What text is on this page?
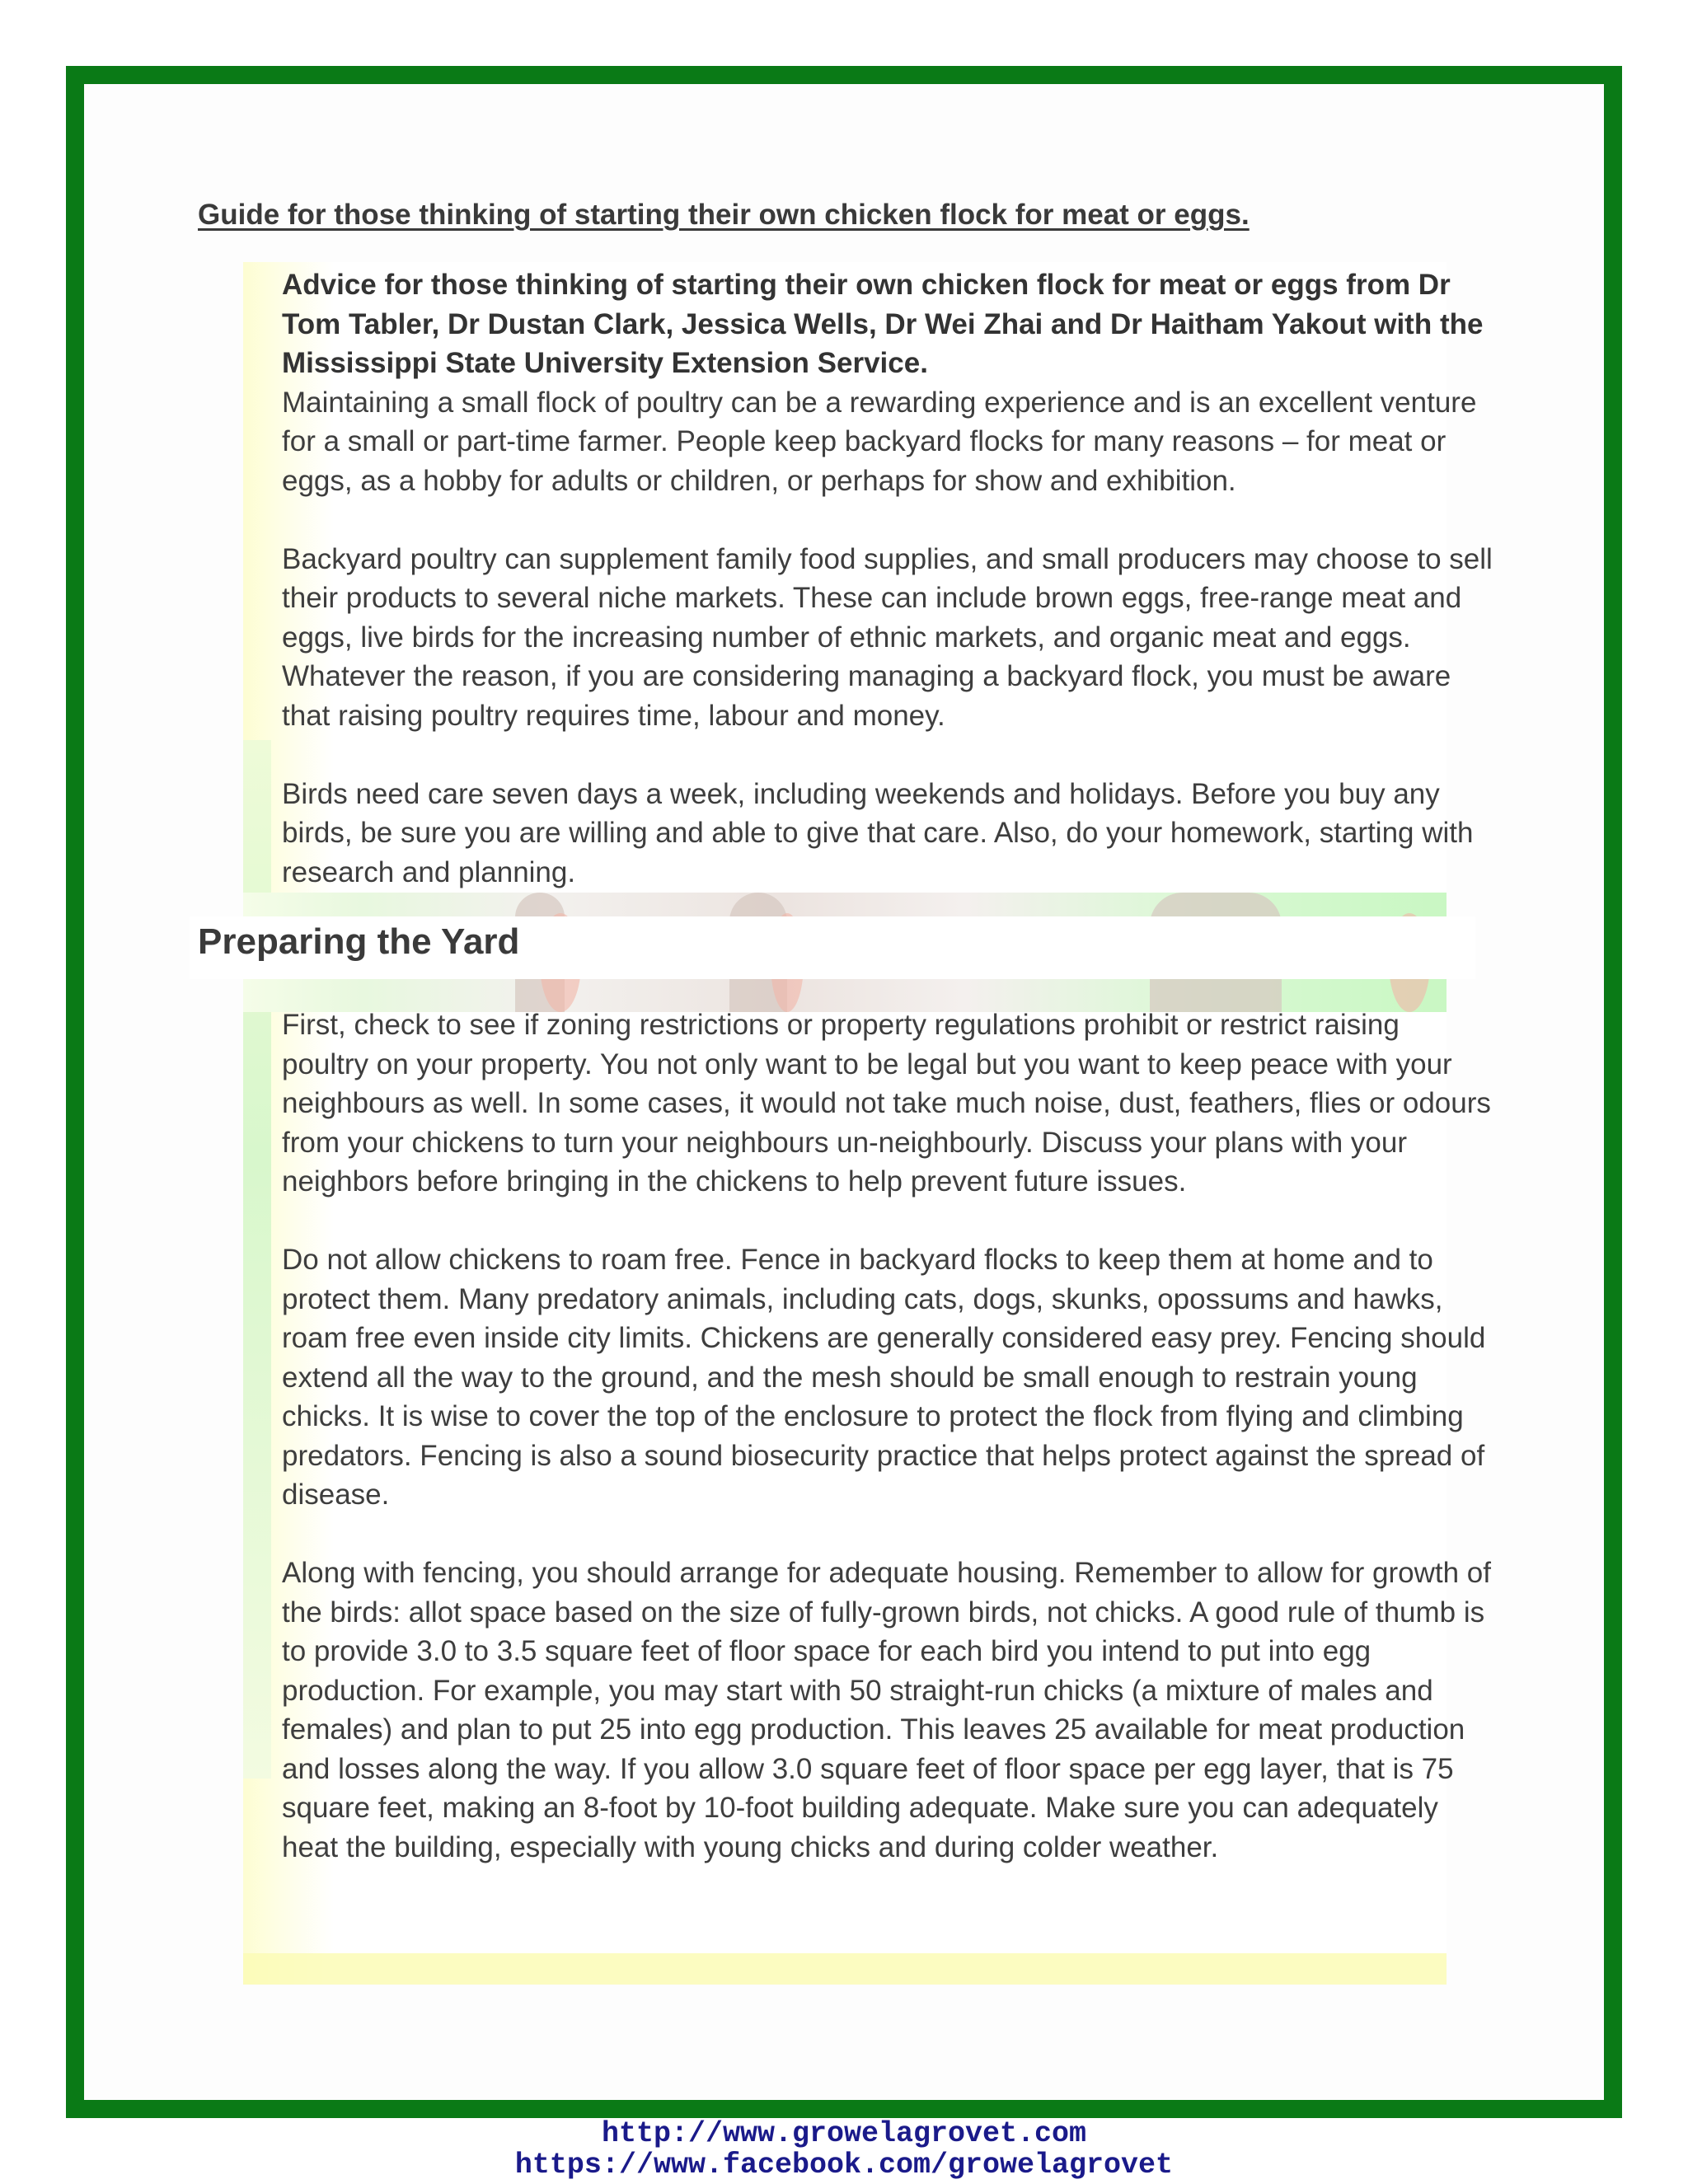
Guide for those thinking of starting their own chicken flock for meat or eggs.

Advice for those thinking of starting their own chicken flock for meat or eggs from Dr Tom Tabler, Dr Dustan Clark, Jessica Wells, Dr Wei Zhai and Dr Haitham Yakout with the Mississippi State University Extension Service.

Maintaining a small flock of poultry can be a rewarding experience and is an excellent venture for a small or part-time farmer. People keep backyard flocks for many reasons – for meat or eggs, as a hobby for adults or children, or perhaps for show and exhibition.

Backyard poultry can supplement family food supplies, and small producers may choose to sell their products to several niche markets. These can include brown eggs, free-range meat and eggs, live birds for the increasing number of ethnic markets, and organic meat and eggs. Whatever the reason, if you are considering managing a backyard flock, you must be aware that raising poultry requires time, labour and money.

Birds need care seven days a week, including weekends and holidays. Before you buy any birds, be sure you are willing and able to give that care. Also, do your homework, starting with research and planning.

Preparing the Yard

First, check to see if zoning restrictions or property regulations prohibit or restrict raising poultry on your property. You not only want to be legal but you want to keep peace with your neighbours as well. In some cases, it would not take much noise, dust, feathers, flies or odours from your chickens to turn your neighbours un-neighbourly. Discuss your plans with your neighbors before bringing in the chickens to help prevent future issues.

Do not allow chickens to roam free. Fence in backyard flocks to keep them at home and to protect them. Many predatory animals, including cats, dogs, skunks, opossums and hawks, roam free even inside city limits. Chickens are generally considered easy prey. Fencing should extend all the way to the ground, and the mesh should be small enough to restrain young chicks. It is wise to cover the top of the enclosure to protect the flock from flying and climbing predators. Fencing is also a sound biosecurity practice that helps protect against the spread of disease.

Along with fencing, you should arrange for adequate housing. Remember to allow for growth of the birds: allot space based on the size of fully-grown birds, not chicks. A good rule of thumb is to provide 3.0 to 3.5 square feet of floor space for each bird you intend to put into egg production. For example, you may start with 50 straight-run chicks (a mixture of males and females) and plan to put 25 into egg production. This leaves 25 available for meat production and losses along the way. If you allow 3.0 square feet of floor space per egg layer, that is 75 square feet, making an 8-foot by 10-foot building adequate. Make sure you can adequately heat the building, especially with young chicks and during colder weather.

http://www.growelagrovet.com
https://www.facebook.com/growelagrovet
